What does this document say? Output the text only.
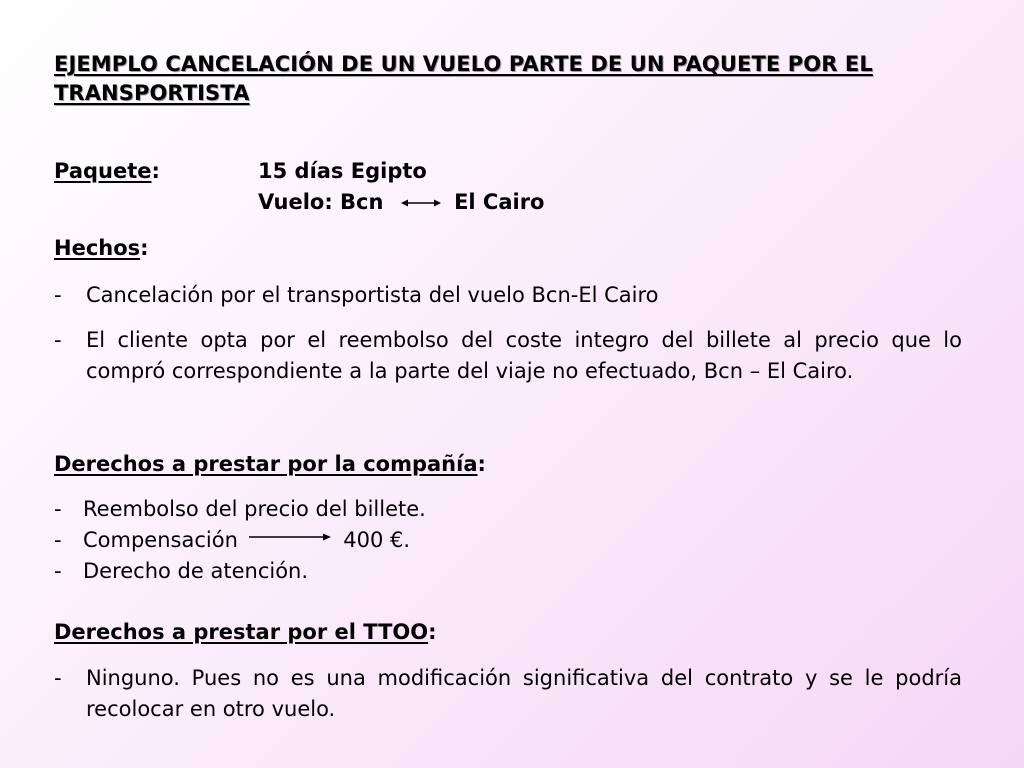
EJEMPLO CANCELACIÓN DE UN VUELO PARTE DE UN PAQUETE POR EL TRANSPORTISTA
Paquete:	15 días Egipto
Vuelo: Bcn	El Cairo
Hechos:
- Cancelación por el transportista del vuelo Bcn-El Cairo
- El cliente opta por el reembolso del coste integro del billete al precio que lo compró correspondiente a la parte del viaje no efectuado, Bcn – El Cairo.
Derechos a prestar por la compañía:
- Reembolso del precio del billete.
- Compensación	400 €.
- Derecho de atención.
Derechos a prestar por el TTOO:
- Ninguno. Pues no es una modificación significativa del contrato y se le podría recolocar en otro vuelo.
